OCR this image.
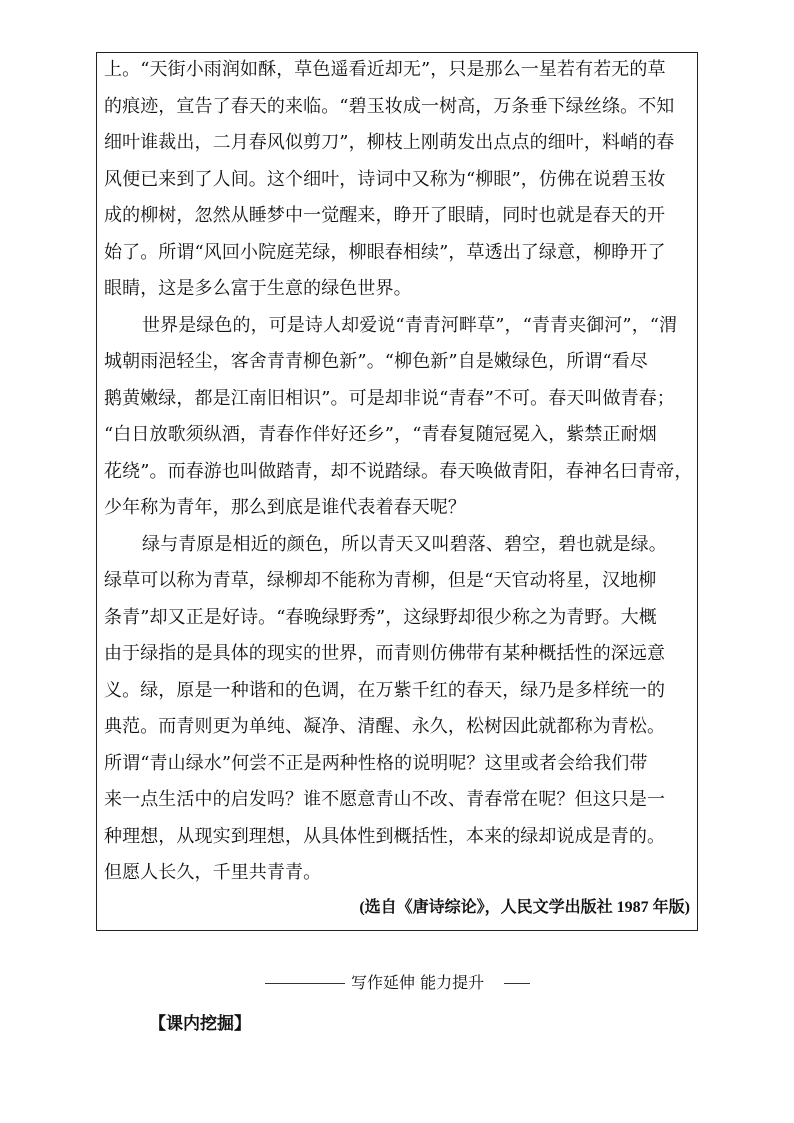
上。“天街小雨润如酥，草色遥看近却无”，只是那么一星若有若无的草
的痕迹，宣告了春天的来临。“碧玉妆成一树高，万条垂下绿丝绦。不知
细叶谁裁出，二月春风似剪刀”，柳枝上刚萌发出点点的细叶，料峭的春
风便已来到了人间。这个细叶，诗词中又称为“柳眼”，仿佛在说碧玉妆
成的柳树，忽然从睡梦中一觉醒来，睁开了眼睛，同时也就是春天的开
始了。所谓“风回小院庭芜绿，柳眼春相续”，草透出了绿意，柳睁开了
眼睛，这是多么富于生意的绿色世界。
世界是绿色的，可是诗人却爱说“青青河畔草”，“青青夹御河”，“渭
城朝雨浥轻尘，客舍青青柳色新”。“柳色新”自是嫩绿色，所谓“看尽
鹅黄嫩绿，都是江南旧相识”。可是却非说“青春”不可。春天叫做青春；
“白日放歌须纵酒，青春作伴好还乡”，“青春复随冠冕入，紫禁正耐烟
花绕”。而春游也叫做踏青，却不说踏绿。春天唤做青阳，春神名曰青帝，
少年称为青年，那么到底是谁代表着春天呢？
绿与青原是相近的颜色，所以青天又叫碧落、碧空，碧也就是绿。
绿草可以称为青草，绿柳却不能称为青柳，但是“天官动将星，汉地柳
条青”却又正是好诗。“春晚绿野秀”，这绿野却很少称之为青野。大概
由于绿指的是具体的现实的世界，而青则仿佛带有某种概括性的深远意
义。绿，原是一种谐和的色调，在万紫千红的春天，绿乃是多样统一的
典范。而青则更为单纯、凝净、清醒、永久，松树因此就都称为青松。
所谓“青山绿水”何尝不正是两种性格的说明呢？这里或者会给我们带
来一点生活中的启发吗？谁不愿意青山不改、青春常在呢？但这只是一
种理想，从现实到理想，从具体性到概括性，本来的绿却说成是青的。
但愿人长久，千里共青青。
(选自《唐诗综论》，人民文学出版社 1987 年版)
写作延伸 能力提升
【课内挖掘】
